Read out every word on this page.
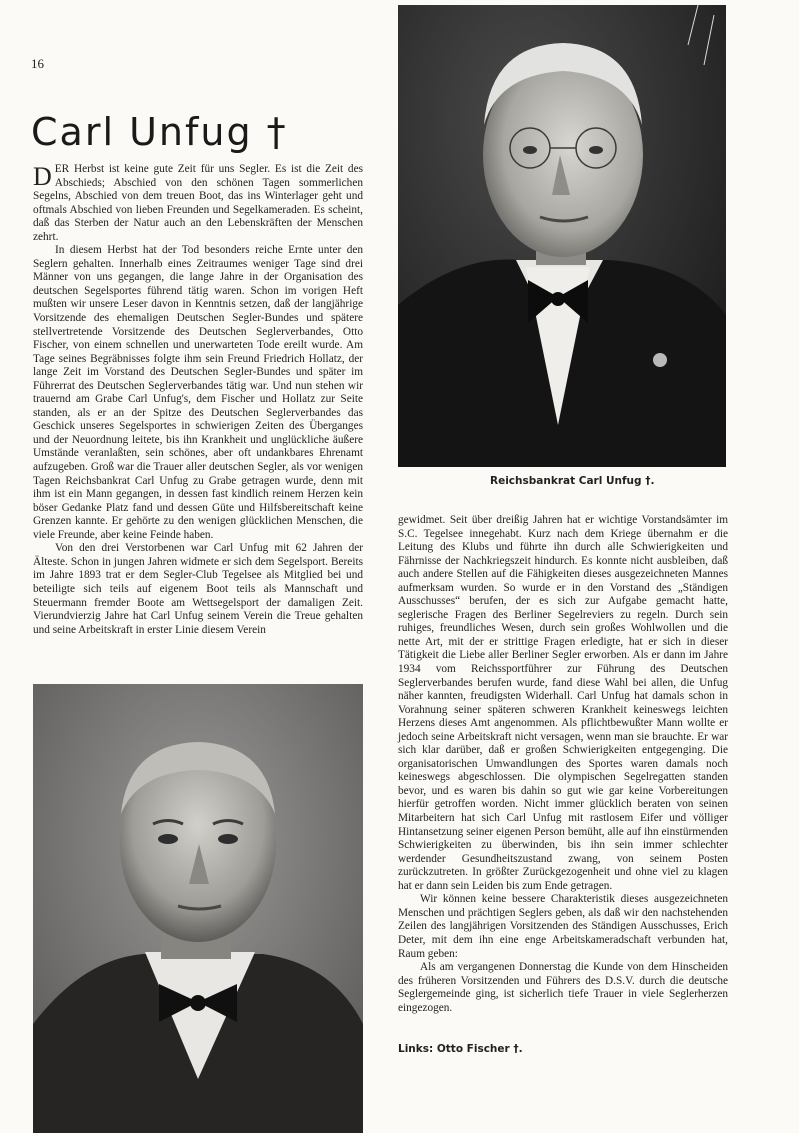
16
Carl Unfug †

DER Herbst ist keine gute Zeit für uns Segler. Es ist die Zeit des Abschieds; Abschied von den schönen Tagen sommerlichen Segelns, Abschied von dem treuen Boot, das ins Winterlager geht und oftmals Abschied von lieben Freunden und Segelkameraden. Es scheint, daß das Sterben der Natur auch an den Lebenskräften der Menschen zehrt.

In diesem Herbst hat der Tod besonders reiche Ernte unter den Seglern gehalten. Innerhalb eines Zeitraumes weniger Tage sind drei Männer von uns gegangen, die lange Jahre in der Organisation des deutschen Segelsportes führend tätig waren. Schon im vorigen Heft mußten wir unsere Leser davon in Kenntnis setzen, daß der langjährige Vorsitzende des ehemaligen Deutschen Segler-Bundes und spätere stellvertretende Vorsitzende des Deutschen Seglerverbandes, Otto Fischer, von einem schnellen und unerwarteten Tode ereilt wurde. Am Tage seines Begräbnisses folgte ihm sein Freund Friedrich Hollatz, der lange Zeit im Vorstand des Deutschen Segler-Bundes und später im Führerrat des Deutschen Seglerverbandes tätig war. Und nun stehen wir trauernd am Grabe Carl Unfug's, dem Fischer und Hollatz zur Seite standen, als er an der Spitze des Deutschen Seglerverbandes das Geschick unseres Segelsportes in schwierigen Zeiten des Überganges und der Neuordnung leitete, bis ihn Krankheit und unglückliche äußere Umstände veranlaßten, sein schönes, aber oft undankbares Ehrenamt aufzugeben. Groß war die Trauer aller deutschen Segler, als vor wenigen Tagen Reichsbankrat Carl Unfug zu Grabe getragen wurde, denn mit ihm ist ein Mann gegangen, in dessen fast kindlich reinem Herzen kein böser Gedanke Platz fand und dessen Güte und Hilfsbereitschaft keine Grenzen kannte. Er gehörte zu den wenigen glücklichen Menschen, die viele Freunde, aber keine Feinde haben.

Von den drei Verstorbenen war Carl Unfug mit 62 Jahren der Älteste. Schon in jungen Jahren widmete er sich dem Segelsport. Bereits im Jahre 1893 trat er dem Segler-Club Tegelsee als Mitglied bei und beteiligte sich teils auf eigenem Boot teils als Mannschaft und Steuermann fremder Boote am Wettsegelsport der damaligen Zeit. Vierundvierzig Jahre hat Carl Unfug seinem Verein die Treue gehalten und seine Arbeitskraft in erster Linie diesem Verein

gewidmet. Seit über dreißig Jahren hat er wichtige Vorstandsämter im S.C. Tegelsee innegehabt. Kurz nach dem Kriege übernahm er die Leitung des Klubs und führte ihn durch alle Schwierigkeiten und Fährnisse der Nachkriegszeit hindurch. Es konnte nicht ausbleiben, daß auch andere Stellen auf die Fähigkeiten dieses ausgezeichneten Mannes aufmerksam wurden. So wurde er in den Vorstand des „Ständigen Ausschusses“ berufen, der es sich zur Aufgabe gemacht hatte, seglerische Fragen des Berliner Segelreviers zu regeln. Durch sein ruhiges, freundliches Wesen, durch sein großes Wohlwollen und die nette Art, mit der er strittige Fragen erledigte, hat er sich in dieser Tätigkeit die Liebe aller Berliner Segler erworben. Als er dann im Jahre 1934 vom Reichssportführer zur Führung des Deutschen Seglerverbandes berufen wurde, fand diese Wahl bei allen, die Unfug näher kannten, freudigsten Widerhall. Carl Unfug hat damals schon in Vorahnung seiner späteren schweren Krankheit keineswegs leichten Herzens dieses Amt angenommen. Als pflichtbewußter Mann wollte er jedoch seine Arbeitskraft nicht versagen, wenn man sie brauchte. Er war sich klar darüber, daß er großen Schwierigkeiten entgegenging. Die organisatorischen Umwandlungen des Sportes waren damals noch keineswegs abgeschlossen. Die olympischen Segelregatten standen bevor, und es waren bis dahin so gut wie gar keine Vorbereitungen hierfür getroffen worden. Nicht immer glücklich beraten von seinen Mitarbeitern hat sich Carl Unfug mit rastlosem Eifer und völliger Hintansetzung seiner eigenen Person bemüht, alle auf ihn einstürmenden Schwierigkeiten zu überwinden, bis ihn sein immer schlechter werdender Gesundheitszustand zwang, von seinem Posten zurückzutreten. In größter Zurückgezogenheit und ohne viel zu klagen hat er dann sein Leiden bis zum Ende getragen.

Wir können keine bessere Charakteristik dieses ausgezeichneten Menschen und prächtigen Seglers geben, als daß wir den nachstehenden Zeilen des langjährigen Vorsitzenden des Ständigen Ausschusses, Erich Deter, mit dem ihn eine enge Arbeitskameradschaft verbunden hat, Raum geben:

Als am vergangenen Donnerstag die Kunde von dem Hinscheiden des früheren Vorsitzenden und Führers des D.S.V. durch die deutsche Seglergemeinde ging, ist sicherlich tiefe Trauer in viele Seglerherzen eingezogen.

Reichsbankrat Carl Unfug †.
Links: Otto Fischer †.
